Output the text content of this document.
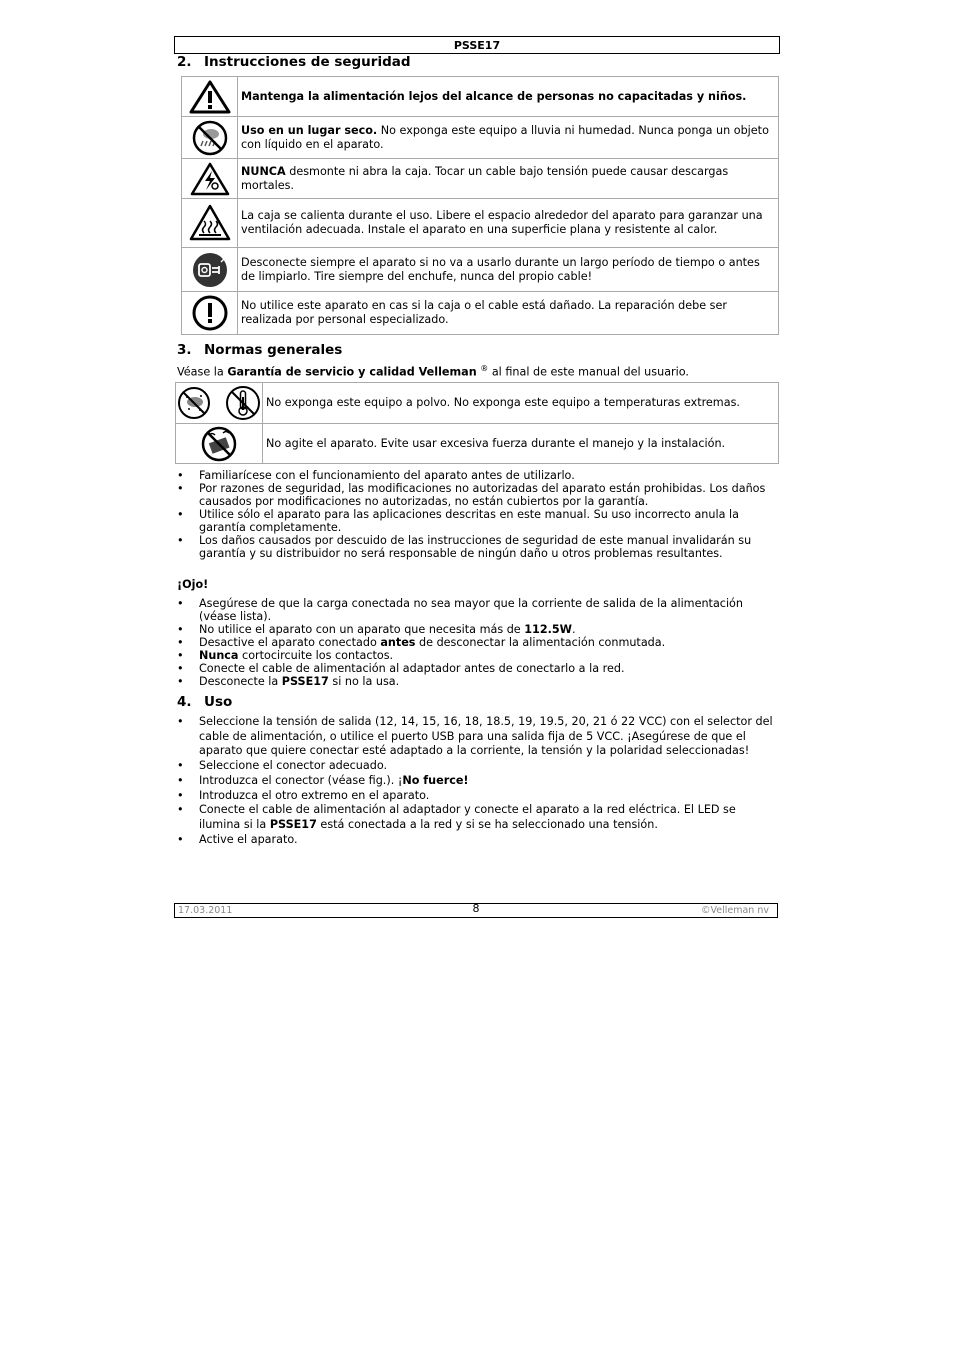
PSSE17
2. Instrucciones de seguridad
	Mantenga la alimentación lejos del alcance de personas no capacitadas y niños.

	Uso en un lugar seco. No exponga este equipo a lluvia ni humedad. Nunca ponga un objeto con líquido en el aparato.

	NUNCA desmonte ni abra la caja. Tocar un cable bajo tensión puede causar descargas mortales.

	La caja se calienta durante el uso. Libere el espacio alrededor del aparato para garanzar una ventilación adecuada. Instale el aparato en una superficie plana y resistente al calor.

	Desconecte siempre el aparato si no va a usarlo durante un largo período de tiempo o antes de limpiarlo. Tire siempre del enchufe, nunca del propio cable!

	No utilice este aparato en cas si la caja o el cable está dañado. La reparación debe ser realizada por personal especializado.
3. Normas generales

Véase la Garantía de servicio y calidad Velleman ® al final de este manual del usuario.

	No exponga este equipo a polvo. No exponga este equipo a temperaturas extremas.

	No agite el aparato. Evite usar excesiva fuerza durante el manejo y la instalación.
• Familiarícese con el funcionamiento del aparato antes de utilizarlo.
• Por razones de seguridad, las modificaciones no autorizadas del aparato están prohibidas. Los daños causados por modificaciones no autorizadas, no están cubiertos por la garantía.
• Utilice sólo el aparato para las aplicaciones descritas en este manual. Su uso incorrecto anula la garantía completamente.
• Los daños causados por descuido de las instrucciones de seguridad de este manual invalidarán su garantía y su distribuidor no será responsable de ningún daño u otros problemas resultantes.

¡Ojo!

• Asegúrese de que la carga conectada no sea mayor que la corriente de salida de la alimentación (véase lista).
• No utilice el aparato con un aparato que necesita más de 112.5W.
• Desactive el aparato conectado antes de desconectar la alimentación conmutada.
• Nunca cortocircuite los contactos.
• Conecte el cable de alimentación al adaptador antes de conectarlo a la red.
• Desconecte la PSSE17 si no la usa.
4. Uso
• Seleccione la tensión de salida (12, 14, 15, 16, 18, 18.5, 19, 19.5, 20, 21 ó 22 VCC) con el selector del cable de alimentación, o utilice el puerto USB para una salida fija de 5 VCC. ¡Asegúrese de que el aparato que quiere conectar esté adaptado a la corriente, la tensión y la polaridad seleccionadas!
• Seleccione el conector adecuado.
• Introduzca el conector (véase fig.). ¡No fuerce!
• Introduzca el otro extremo en el aparato.
• Conecte el cable de alimentación al adaptador y conecte el aparato a la red eléctrica. El LED se ilumina si la PSSE17 está conectada a la red y si se ha seleccionado una tensión.
• Active el aparato.
17.03.2011	8	©Velleman nv
